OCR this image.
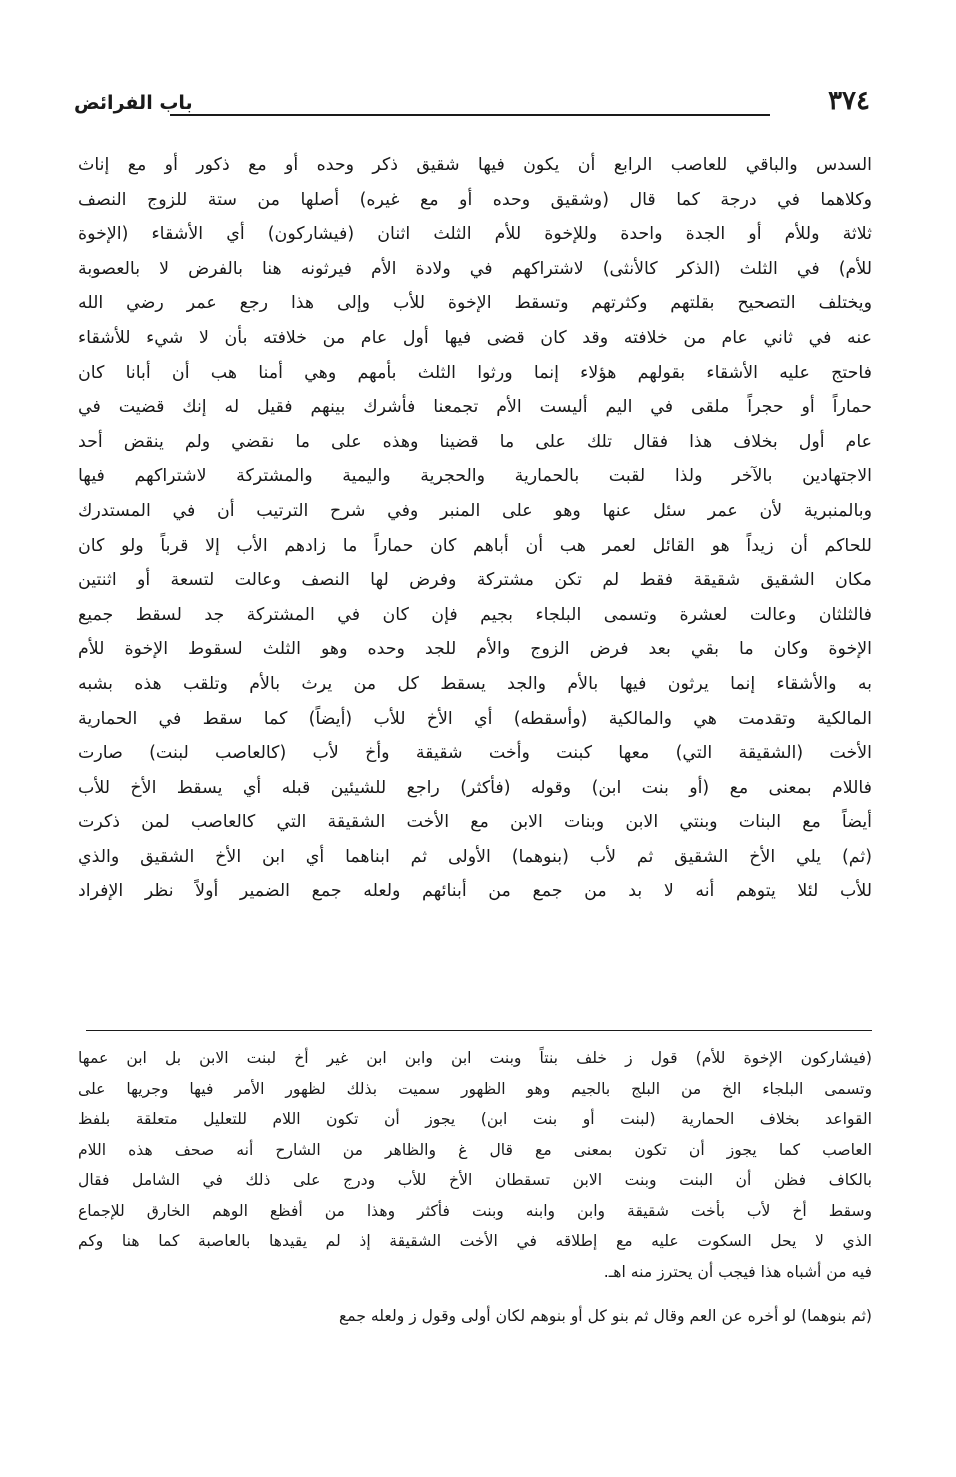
٣٧٤
باب الفرائض
السدس والباقي للعاصب الرابع أن يكون فيها شقيق ذكر وحده أو مع ذكور أو مع إناث
وكلاهما في درجة كما قال (وشقيق وحده أو مع غيره) أصلها من ستة للزوج النصف
ثلاثة وللأم أو الجدة واحدة وللإخوة للأم الثلث اثنان (فيشاركون) أي الأشقاء (الإخوة
للأم) في الثلث (الذكر كالأنثى) لاشتراكهم في ولادة الأم فيرثونه هنا بالفرض لا بالعصوبة
ويختلف التصحيح بقلتهم وكثرتهم وتسقط الإخوة للأب وإلى هذا رجع عمر رضي الله
عنه في ثاني عام من خلافته وقد كان قضى فيها أول عام من خلافته بأن لا شيء للأشقاء
فاحتج عليه الأشقاء بقولهم هؤلاء إنما ورثوا الثلث بأمهم وهي أمنا هب أن أبانا كان
حماراً أو حجراً ملقى في اليم أليست الأم تجمعنا فأشرك بينهم فقيل له إنك قضيت في
عام أول بخلاف هذا فقال تلك على ما قضينا وهذه على ما نقضي ولم ينقض أحد
الاجتهادين بالآخر ولذا لقبت بالحمارية والحجرية واليمية والمشتركة لاشتراكهم فيها
وبالمنبرية لأن عمر سئل عنها وهو على المنبر وفي شرح الترتيب أن في المستدرك
للحاكم أن زيداً هو القائل لعمر هب أن أباهم كان حماراً ما زادهم الأب إلا قرباً ولو كان
مكان الشقيق شقيقة فقط لم تكن مشتركة وفرض لها النصف وعالت لتسعة أو اثنتين
فالثلثان وعالت لعشرة وتسمى البلجاء بجيم فإن كان في المشتركة جد لسقط جميع
الإخوة وكان ما بقي بعد فرض الزوج والأم للجد وحده وهو الثلث لسقوط الإخوة للأم
به والأشقاء إنما يرثون فيها بالأم والجد يسقط كل من يرث بالأم وتلقب هذه بشبه
المالكية وتقدمت هي والمالكية (وأسقطه) أي الأخ للأب (أيضاً) كما سقط في الحمارية
الأخت (الشقيقة التي) معها كبنت وأخت شقيقة وأخ لأب (كالعاصب لبنت) صارت
فاللام بمعنى مع (أو بنت ابن) وقوله (فأكثر) راجع للشيئين قبله أي يسقط الأخ للأب
أيضاً مع البنات وبنتي الابن وبنات الابن مع الأخت الشقيقة التي كالعاصب لمن ذكرت
(ثم) يلي الأخ الشقيق ثم لأب (بنوهما) الأولى ثم ابناهما أي ابن الأخ الشقيق والذي
للأب لئلا يتوهم أنه لا بد من جمع من أبنائهم ولعله جمع الضمير أولاً نظر الإفراد
(فيشاركون الإخوة للأم) قول ز خلف بنتاً وبنت ابن وابن ابن غير أخ لبنت الابن بل ابن عمها
وتسمى البلجاء الخ من البلج بالجيم وهو الظهور سميت بذلك لظهور الأمر فيها وجريها على
القواعد بخلاف الحمارية (لبنت أو بنت ابن) يجوز أن تكون اللام للتعليل متعلقة بلفظ
العاصب كما يجوز أن تكون بمعنى مع قال غ والظاهر من الشارح أنه صحف هذه اللام
بالكاف فظن أن البنت وبنت الابن تسقطان الأخ للأب ودرج على ذلك في الشامل فقال
وسقط أخ لأب بأخت شقيقة وابن وابنه وبنت فأكثر وهذا من أفظع الوهم الخارق للإجماع
الذي لا يحل السكوت عليه مع إطلاقه في الأخت الشقيقة إذ لم يقيدها بالعاصبة كما هنا وكم
فيه من أشباه هذا فيجب أن يحترز منه اهـ.
(ثم بنوهما) لو أخره عن العم وقال ثم بنو كل أو بنوهم لكان أولى وقول ز ولعله جمع
